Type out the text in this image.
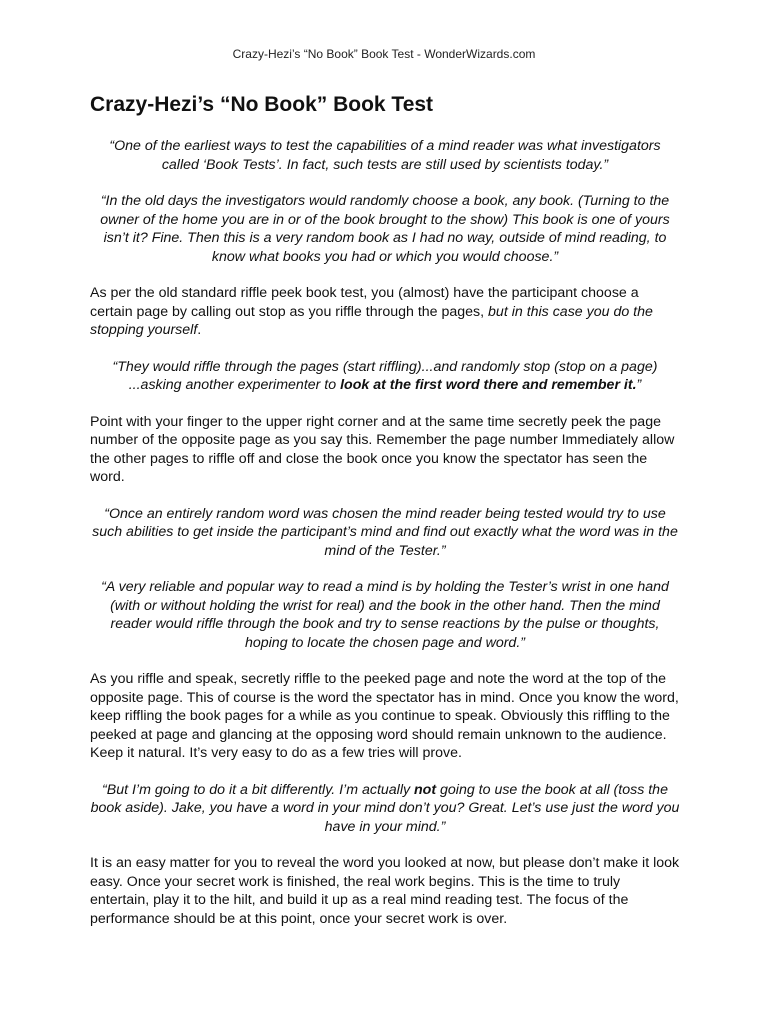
Crazy-Hezi’s “No Book” Book Test - WonderWizards.com
Crazy-Hezi’s “No Book” Book Test

“One of the earliest ways to test the capabilities of a mind reader was what investigators called ‘Book Tests’. In fact, such tests are still used by scientists today.”

“In the old days the investigators would randomly choose a book, any book. (Turning to the owner of the home you are in or of the book brought to the show) This book is one of yours isn’t it? Fine. Then this is a very random book as I had no way, outside of mind reading, to know what books you had or which you would choose.”

As per the old standard riffle peek book test, you (almost) have the participant choose a certain page by calling out stop as you riffle through the pages, but in this case you do the stopping yourself.

“They would riffle through the pages (start riffling)...and randomly stop (stop on a page) ...asking another experimenter to look at the first word there and remember it.”

Point with your finger to the upper right corner and at the same time secretly peek the page number of the opposite page as you say this. Remember the page number Immediately allow the other pages to riffle off and close the book once you know the spectator has seen the word.

“Once an entirely random word was chosen the mind reader being tested would try to use such abilities to get inside the participant’s mind and find out exactly what the word was in the mind of the Tester.”

“A very reliable and popular way to read a mind is by holding the Tester’s wrist in one hand (with or without holding the wrist for real) and the book in the other hand. Then the mind reader would riffle through the book and try to sense reactions by the pulse or thoughts, hoping to locate the chosen page and word.”

As you riffle and speak, secretly riffle to the peeked page and note the word at the top of the opposite page. This of course is the word the spectator has in mind. Once you know the word, keep riffling the book pages for a while as you continue to speak. Obviously this riffling to the peeked at page and glancing at the opposing word should remain unknown to the audience. Keep it natural. It’s very easy to do as a few tries will prove.

“But I’m going to do it a bit differently. I’m actually not going to use the book at all (toss the book aside). Jake, you have a word in your mind don’t you? Great. Let’s use just the word you have in your mind.”

It is an easy matter for you to reveal the word you looked at now, but please don’t make it look easy. Once your secret work is finished, the real work begins. This is the time to truly entertain, play it to the hilt, and build it up as a real mind reading test. The focus of the performance should be at this point, once your secret work is over.
